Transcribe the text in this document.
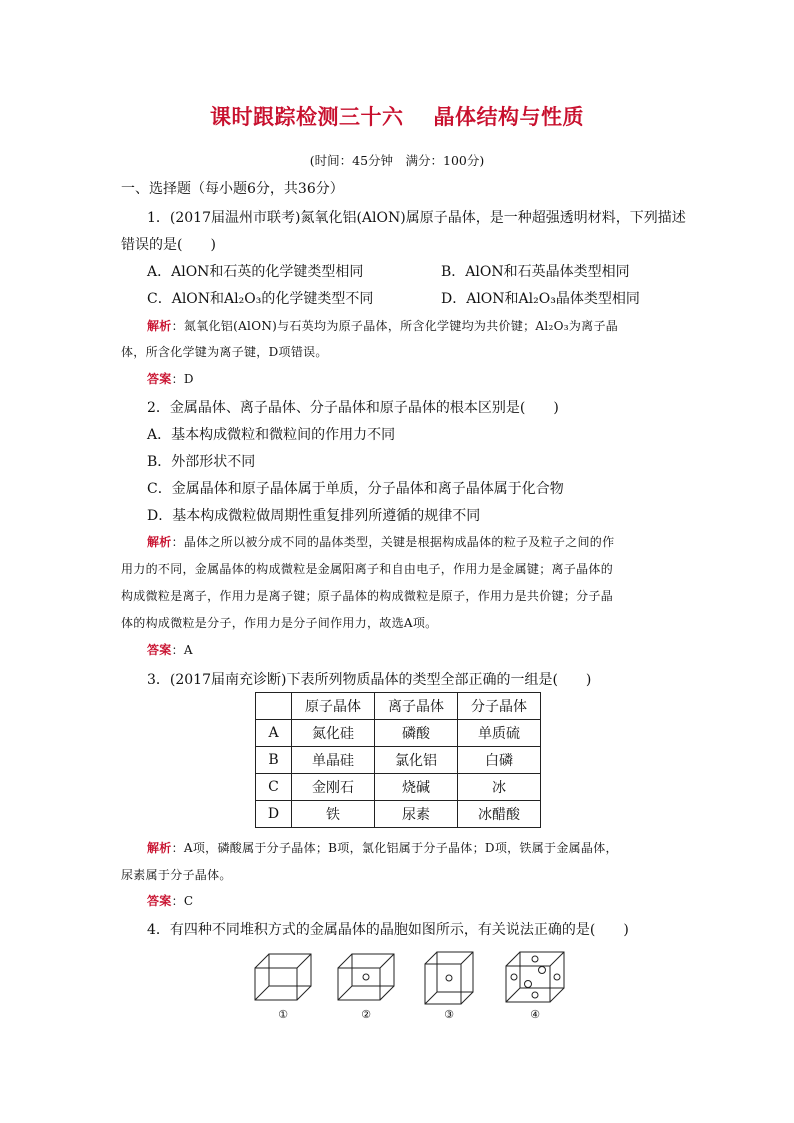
课时跟踪检测三十六 晶体结构与性质
(时间：45分钟　满分：100分)
一、选择题（每小题6分，共36分）
1．(2017届温州市联考)氮氧化铝(AlON)属原子晶体，是一种超强透明材料，下列描述
错误的是(　　)
A．AlON和石英的化学键类型相同	B．AlON和石英晶体类型相同
C．AlON和Al₂O₃的化学键类型不同	D．AlON和Al₂O₃晶体类型相同
解析：氮氧化铝(AlON)与石英均为原子晶体，所含化学键均为共价键；Al₂O₃为离子晶
体，所含化学键为离子键，D项错误。
答案：D
2．金属晶体、离子晶体、分子晶体和原子晶体的根本区别是(　　)
A．基本构成微粒和微粒间的作用力不同
B．外部形状不同
C．金属晶体和原子晶体属于单质，分子晶体和离子晶体属于化合物
D．基本构成微粒做周期性重复排列所遵循的规律不同
解析：晶体之所以被分成不同的晶体类型，关键是根据构成晶体的粒子及粒子之间的作
用力的不同，金属晶体的构成微粒是金属阳离子和自由电子，作用力是金属键；离子晶体的
构成微粒是离子，作用力是离子键；原子晶体的构成微粒是原子，作用力是共价键；分子晶
体的构成微粒是分子，作用力是分子间作用力，故选A项。
答案：A
3．(2017届南充诊断)下表所列物质晶体的类型全部正确的一组是(　　)
	原子晶体	离子晶体	分子晶体
A	氮化硅	磷酸	单质硫
B	单晶硅	氯化铝	白磷
C	金刚石	烧碱	冰
D	铁	尿素	冰醋酸
解析：A项，磷酸属于分子晶体；B项，氯化铝属于分子晶体；D项，铁属于金属晶体，
尿素属于分子晶体。
答案：C
4．有四种不同堆积方式的金属晶体的晶胞如图所示，有关说法正确的是(　　)
①	②	③	④
